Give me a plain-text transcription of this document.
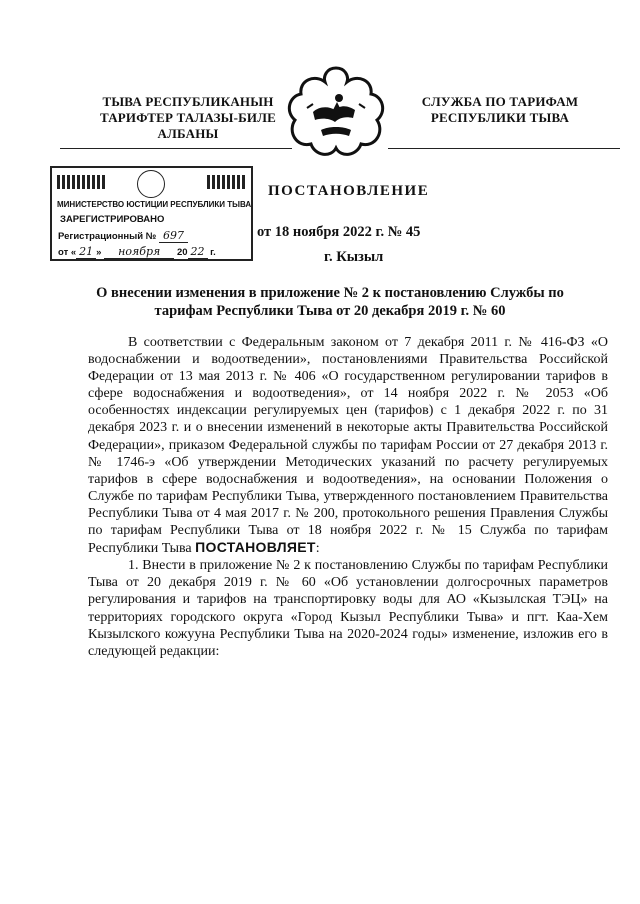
ТЫВА РЕСПУБЛИКАНЫН
ТАРИФТЕР ТАЛАЗЫ-БИЛЕ
АЛБАНЫ
СЛУЖБА ПО ТАРИФАМ
РЕСПУБЛИКИ ТЫВА
МИНИСТЕРСТВО ЮСТИЦИИ РЕСПУБЛИКИ ТЫВА
ЗАРЕГИСТРИРОВАНО
Регистрационный № 697
от « 21 » ноября 20 22 г.
ПОСТАНОВЛЕНИЕ
от 18 ноября 2022 г. № 45
г. Кызыл
О внесении изменения в приложение № 2 к постановлению Службы по
тарифам Республики Тыва от 20 декабря 2019 г. № 60

В соответствии с Федеральным законом от 7 декабря 2011 г. № 416-ФЗ «О водоснабжении и водоотведении», постановлениями Правительства Российской Федерации от 13 мая 2013 г. № 406 «О государственном регулировании тарифов в сфере водоснабжения и водоотведения», от 14 ноября 2022 г. № 2053 «Об особенностях индексации регулируемых цен (тарифов) с 1 декабря 2022 г. по 31 декабря 2023 г. и о внесении изменений в некоторые акты Правительства Российской Федерации», приказом Федеральной службы по тарифам России от 27 декабря 2013 г. № 1746-э «Об утверждении Методических указаний по расчету регулируемых тарифов в сфере водоснабжения и водоотведения», на основании Положения о Службе по тарифам Республики Тыва, утвержденного постановлением Правительства Республики Тыва от 4 мая 2017 г. № 200, протокольного решения Правления Службы по тарифам Республики Тыва от 18 ноября 2022 г. № 15 Служба по тарифам Республики Тыва ПОСТАНОВЛЯЕТ:

1. Внести в приложение № 2 к постановлению Службы по тарифам Республики Тыва от 20 декабря 2019 г. № 60 «Об установлении долгосрочных параметров регулирования и тарифов на транспортировку воды для АО «Кызылская ТЭЦ» на территориях городского округа «Город Кызыл Республики Тыва» и пгт. Каа-Хем Кызылского кожууна Республики Тыва на 2020-2024 годы» изменение, изложив его в следующей редакции:
